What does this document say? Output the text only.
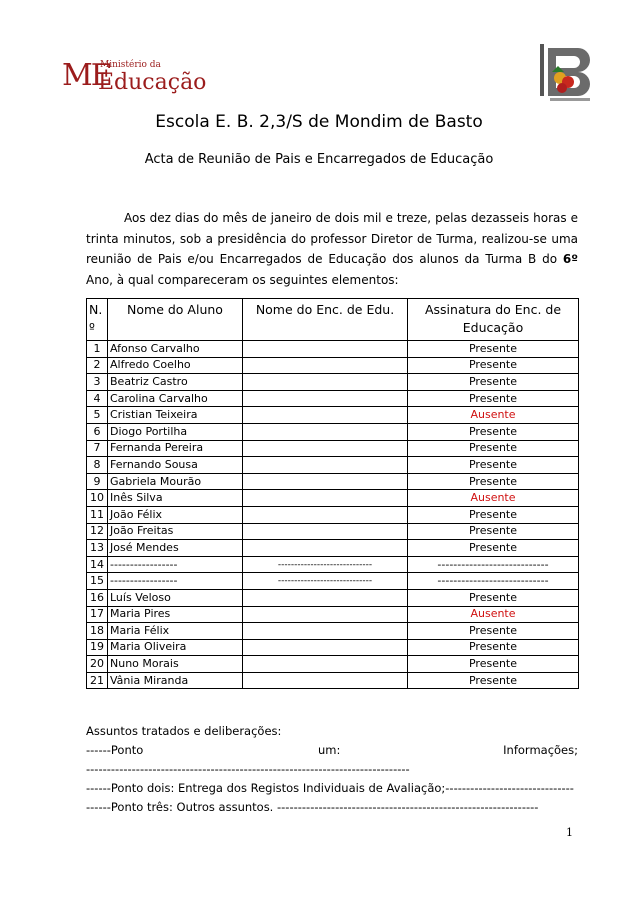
ME
Ministério da
Educação
Escola E. B. 2,3/S de Mondim de Basto
Acta de Reunião de Pais e Encarregados de Educação
Aos dez dias do mês de janeiro de dois mil e treze, pelas dezasseis horas e trinta minutos, sob a presidência do professor Diretor de Turma, realizou-se uma reunião de Pais e/ou Encarregados de Educação dos alunos da Turma B do 6º Ano, à qual compareceram os seguintes elementos:
N. º	Nome do Aluno	Nome do Enc. de Edu.	Assinatura do Enc. de Educação
1	Afonso Carvalho		Presente
2	Alfredo Coelho		Presente
3	Beatriz Castro		Presente
4	Carolina Carvalho		Presente
5	Cristian Teixeira		Ausente
6	Diogo Portilha		Presente
7	Fernanda Pereira		Presente
8	Fernando Sousa		Presente
9	Gabriela Mourão		Presente
10	Inês Silva		Ausente
11	João Félix		Presente
12	João Freitas		Presente
13	José Mendes		Presente
14	-----------------	-----------------------------	----------------------------
15	-----------------	-----------------------------	----------------------------
16	Luís Veloso		Presente
17	Maria Pires		Ausente
18	Maria Félix		Presente
19	Maria Oliveira		Presente
20	Nuno Morais		Presente
21	Vânia Miranda		Presente
Assuntos tratados e deliberações:
------Ponto	um:	Informações;
------------------------------------------------------------------------------
------Ponto dois: Entrega dos Registos Individuais de Avaliação;-------------------------------
------Ponto três: Outros assuntos. ---------------------------------------------------------------
1
